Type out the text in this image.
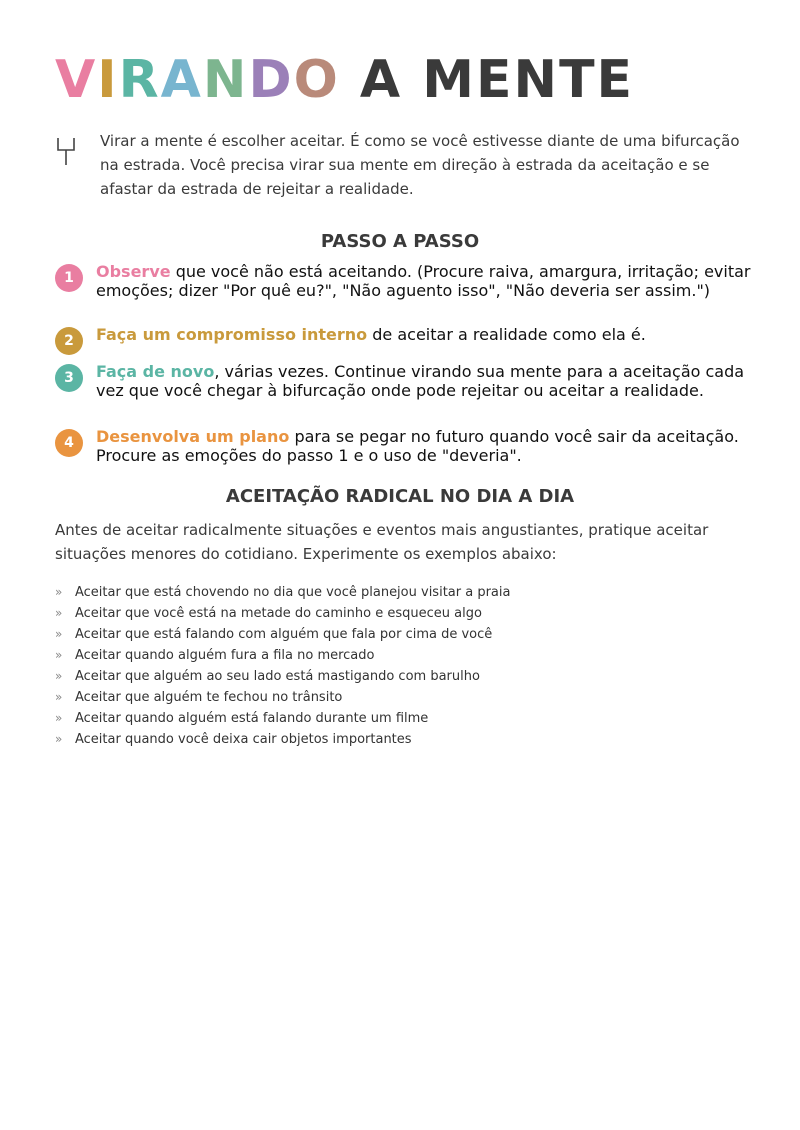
VIRANDO A MENTE
Virar a mente é escolher aceitar. É como se você estivesse diante de uma bifurcação na estrada. Você precisa virar sua mente em direção à estrada da aceitação e se afastar da estrada de rejeitar a realidade.
PASSO A PASSO
1	Observe que você não está aceitando. (Procure raiva, amargura, irritação; evitar emoções; dizer "Por quê eu?", "Não aguento isso", "Não deveria ser assim.")
2	Faça um compromisso interno de aceitar a realidade como ela é.
3	Faça de novo, várias vezes. Continue virando sua mente para a aceitação cada vez que você chegar à bifurcação onde pode rejeitar ou aceitar a realidade.
4	Desenvolva um plano para se pegar no futuro quando você sair da aceitação. Procure as emoções do passo 1 e o uso de "deveria".
ACEITAÇÃO RADICAL NO DIA A DIA
Antes de aceitar radicalmente situações e eventos mais angustiantes, pratique aceitar situações menores do cotidiano. Experimente os exemplos abaixo:
» Aceitar que está chovendo no dia que você planejou visitar a praia
» Aceitar que você está na metade do caminho e esqueceu algo
» Aceitar que está falando com alguém que fala por cima de você
» Aceitar quando alguém fura a fila no mercado
» Aceitar que alguém ao seu lado está mastigando com barulho
» Aceitar que alguém te fechou no trânsito
» Aceitar quando alguém está falando durante um filme
» Aceitar quando você deixa cair objetos importantes
